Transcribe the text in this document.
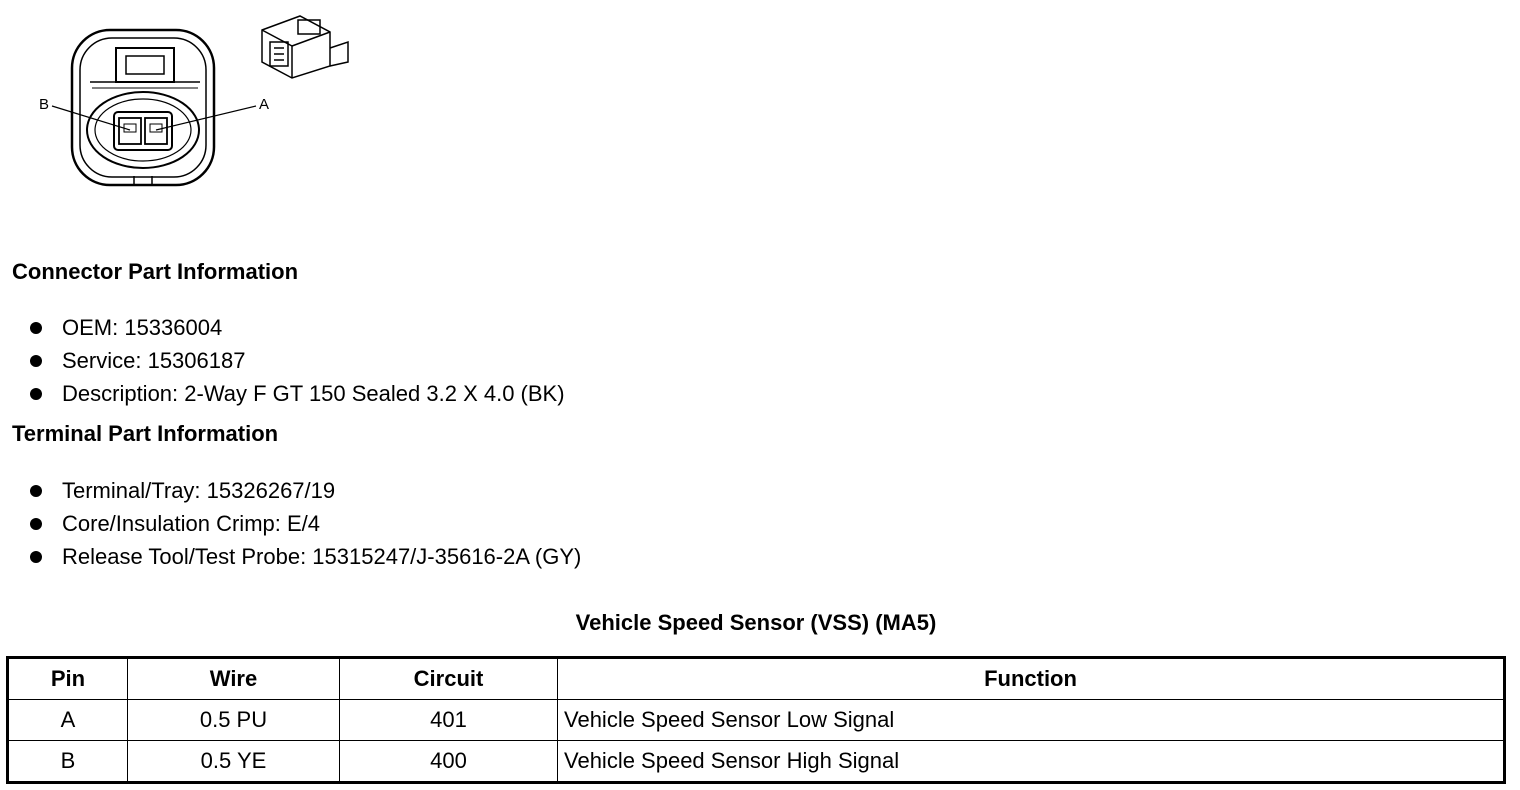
B	A
Connector Part Information
OEM: 15336004
Service: 15306187
Description: 2-Way F GT 150 Sealed 3.2 X 4.0 (BK)
Terminal Part Information
Terminal/Tray: 15326267/19
Core/Insulation Crimp: E/4
Release Tool/Test Probe: 15315247/J-35616-2A (GY)
Vehicle Speed Sensor (VSS) (MA5)
Pin	Wire	Circuit	Function
A	0.5 PU	401	Vehicle Speed Sensor Low Signal
B	0.5 YE	400	Vehicle Speed Sensor High Signal
